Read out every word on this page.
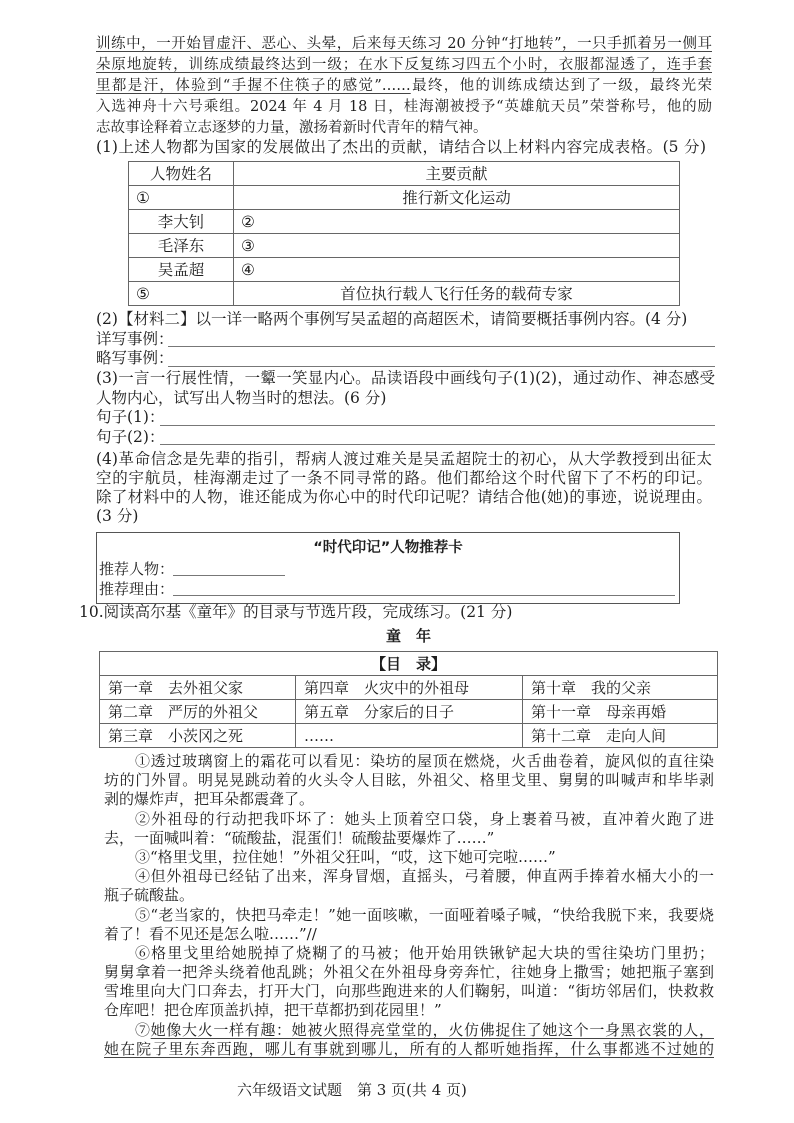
训练中，一开始冒虚汗、恶心、头晕，后来每天练习 20 分钟“打地转”，一只手抓着另一侧耳
朵原地旋转，训练成绩最终达到一级；在水下反复练习四五个小时，衣服都湿透了，连手套
里都是汗，体验到“手握不住筷子的感觉”……最终，他的训练成绩达到了一级，最终光荣
入选神舟十六号乘组。2024 年 4 月 18 日，桂海潮被授予“英雄航天员”荣誉称号，他的励
志故事诠释着立志逐梦的力量，激扬着新时代青年的精气神。
(1)上述人物都为国家的发展做出了杰出的贡献，请结合以上材料内容完成表格。(5 分)
人物姓名	主要贡献
①	推行新文化运动
李大钊	②
毛泽东	③
吴孟超	④
⑤	首位执行载人飞行任务的载荷专家
(2)【材料二】以一详一略两个事例写吴孟超的高超医术，请简要概括事例内容。(4 分)
详写事例：
略写事例：
(3)一言一行展性情，一颦一笑显内心。品读语段中画线句子(1)(2)，通过动作、神态感受
人物内心，试写出人物当时的想法。(6 分)
句子(1)：
句子(2)：
(4)革命信念是先辈的指引，帮病人渡过难关是吴孟超院士的初心，从大学教授到出征太
空的宇航员，桂海潮走过了一条不同寻常的路。他们都给这个时代留下了不朽的印记。
除了材料中的人物，谁还能成为你心中的时代印记呢？请结合他(她)的事迹，说说理由。
(3 分)
“时代印记”人物推荐卡
推荐人物：
推荐理由：
10.阅读高尔基《童年》的目录与节选片段，完成练习。(21 分)
童　年
【目　录】		
第一章　去外祖父家	第四章　火灾中的外祖母	第十章　我的父亲
第二章　严厉的外祖父	第五章　分家后的日子	第十一章　母亲再婚
第三章　小茨冈之死	……	第十二章　走向人间
①透过玻璃窗上的霜花可以看见：染坊的屋顶在燃烧，火舌曲卷着，旋风似的直往染
坊的门外冒。明晃晃跳动着的火头令人目眩，外祖父、格里戈里、舅舅的叫喊声和毕毕剥
剥的爆炸声，把耳朵都震聋了。
②外祖母的行动把我吓坏了：她头上顶着空口袋，身上裹着马被，直冲着火跑了进
去，一面喊叫着：“硫酸盐，混蛋们！硫酸盐要爆炸了……”
③“格里戈里，拉住她！”外祖父狂叫，“哎，这下她可完啦……”
④但外祖母已经钻了出来，浑身冒烟，直摇头，弓着腰，伸直两手捧着水桶大小的一
瓶子硫酸盐。
⑤“老当家的，快把马牵走！”她一面咳嗽，一面哑着嗓子喊，“快给我脱下来，我要烧
着了！看不见还是怎么啦……”//
⑥格里戈里给她脱掉了烧糊了的马被；他开始用铁锹铲起大块的雪往染坊门里扔；
舅舅拿着一把斧头绕着他乱跳；外祖父在外祖母身旁奔忙，往她身上撒雪；她把瓶子塞到
雪堆里向大门口奔去，打开大门，向那些跑进来的人们鞠躬，叫道：“街坊邻居们，快救救
仓库吧！把仓库顶盖扒掉，把干草都扔到花园里！”
⑦她像大火一样有趣：她被火照得亮堂堂的，火仿佛捉住了她这个一身黑衣裳的人，
她在院子里东奔西跑，哪儿有事就到哪儿，所有的人都听她指挥，什么事都逃不过她的
六年级语文试题　第 3 页(共 4 页)
